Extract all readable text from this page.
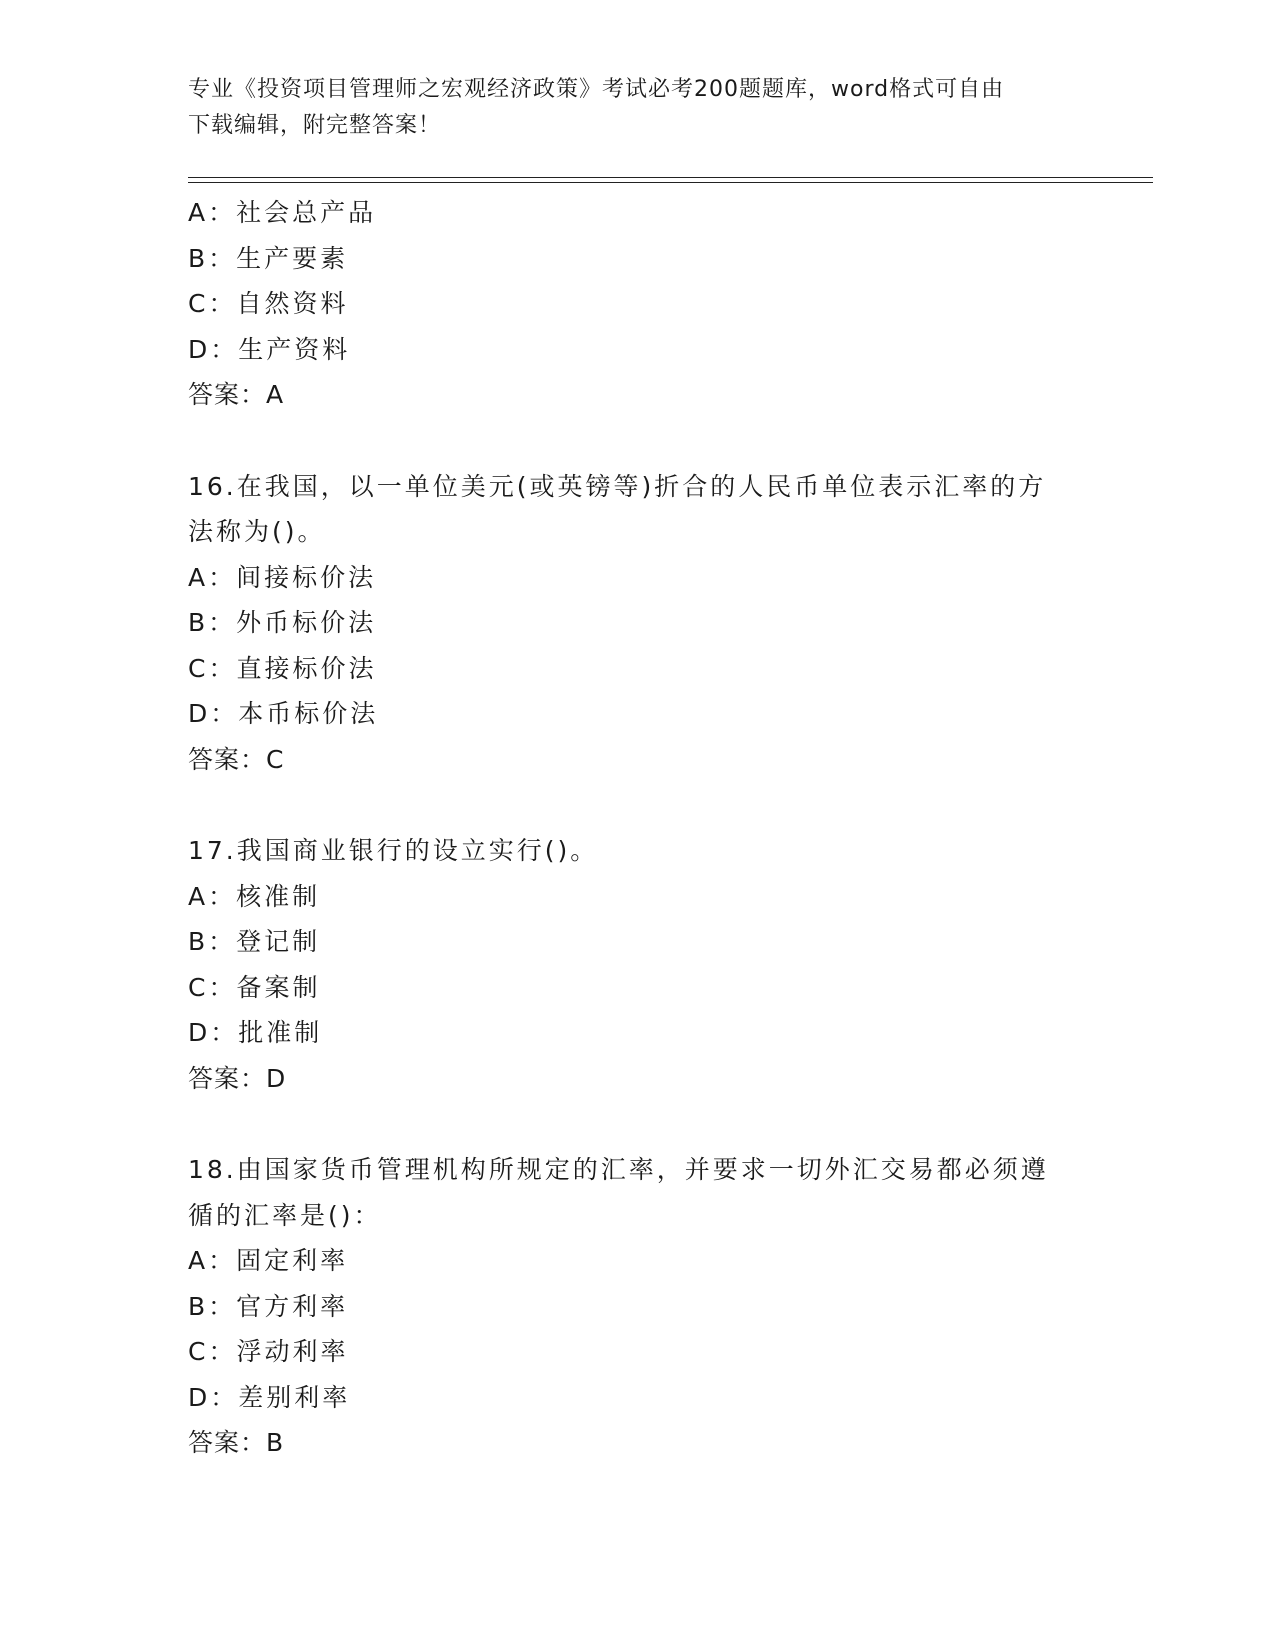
专业《投资项目管理师之宏观经济政策》考试必考200题题库，word格式可自由
下载编辑，附完整答案！
A：社会总产品
B：生产要素
C：自然资料
D：生产资料
答案：A
16.在我国，以一单位美元(或英镑等)折合的人民币单位表示汇率的方
法称为()。
A：间接标价法
B：外币标价法
C：直接标价法
D：本币标价法
答案：C
17.我国商业银行的设立实行()。
A：核准制
B：登记制
C：备案制
D：批准制
答案：D
18.由国家货币管理机构所规定的汇率，并要求一切外汇交易都必须遵
循的汇率是()：
A：固定利率
B：官方利率
C：浮动利率
D：差别利率
答案：B
